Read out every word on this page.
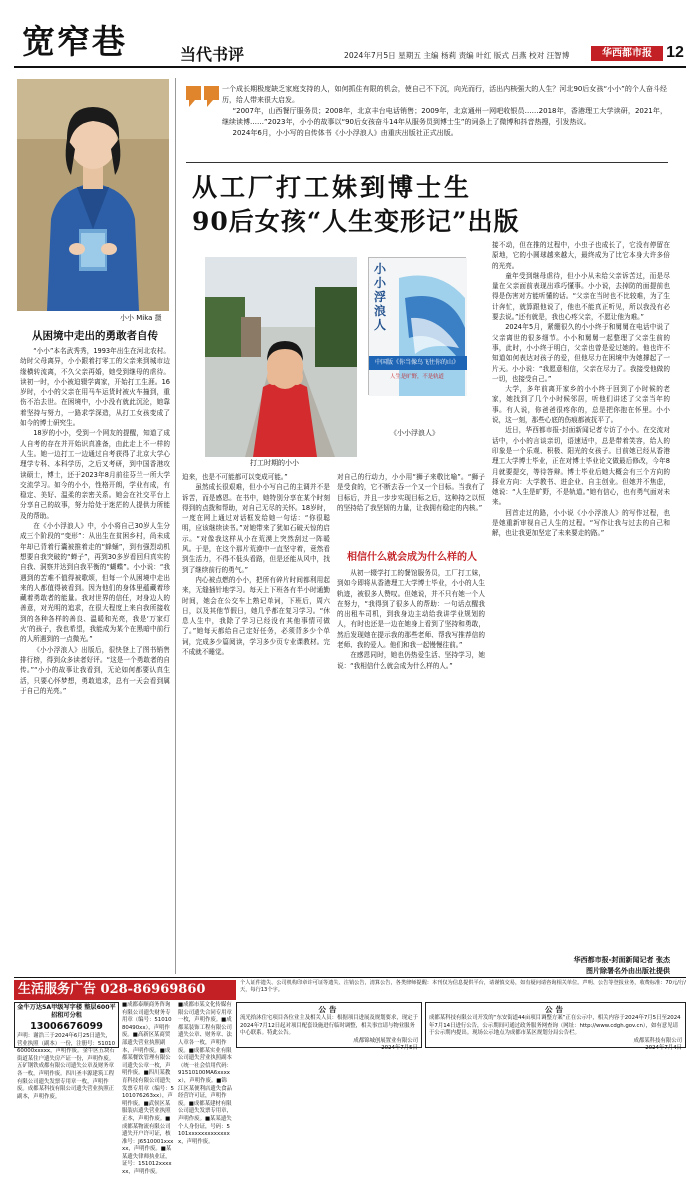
宽窄巷	当代书评	2024年7月5日 星期五 主编 杨莉 责编 叶红 版式 吕燕 校对 汪智博	华西都市报 12
小小 Mika 摄
从困境中走出的勇敢者自传

“小小”本名武秀秀，1993年出生在河北农村。幼时父母离异，小小跟着打零工的父亲来到城市边缘横转流离，不久父亲再婚，她受到继母的虐待。读初一时，小小被迫辍学离家，开始打工生涯。16岁时，小小的父亲在用马车运货时被火车撞到，重伤不治去世。在困境中，小小没有就此沉沦，她靠着坚持与努力，一路求学深造，从打工女孩变成了如今的博士研究生。

18岁的小小，受到一个网友的提醒，知道了成人自考的存在并开始识真准备，由此走上不一样的人生。她一边打工一边通过自考获得了北京大学心理学专科、本科学历，之后又考研，到中国香港攻读硕士，博士，还于2023年8月前往芬兰一所大学交流学习。如今的小小，性格开朗，学业有成，有稳定、美好、温柔的亲密关系。她会在社交平台上分享自己的故事，努力给处于迷茫的人提供力所能及的帮助。

在《小小浮浪人》中，小小将自己30岁人生分成三个阶段的“变形”：从出生在贫困乡村，尚未成年却已背着行囊被推着走的“蜂蛹”，到有强烈动机想要自我突破的“蝉子”，再到30多岁看回归真实的自我、洞察并达到自我平衡的“蝴蝶”。小小说：“我遇到的苦难不值得被歌颂，但每一个从困境中走出来的人都值得被看到。因为他们的身体里蕴藏着珍藏着勇敢者的能量。我对世界的信任，对身边人的善意，对光明的追求，在很大程度上来自我所接收到的各种各样的善良、温暖和光亮，我是‘万家灯火’的孩子，我也希望，我能成为某个在黑暗中前行的人所遇到的一点微光。”

《小小浮浪人》出版后，很快登上了图书销售排行榜，得到众多读者好评。“这是一个勇敢者的自传。”“小小的故事让我看到，无论如何都要认真生活，只要心怀梦想，勇敢追求，总有一天会看到属于自己的光亮。”

一个成长期极度缺乏家庭支持的人，如何抓住有限的机会，使自己不下沉，向光而行，活出内核强大的人生？河北90后女孩“小小”的个人奋斗经历，给人带来很大启发。

“2007年，山西餐厅服务员；2008年，北京丰台电话销售；2009年，北京通州一网吧收银员……2018年，香港理工大学读研，2021年，继续读博……”2023年，小小的故事以“90后女孩奋斗14年从服务员到博士生”的词条上了微博和抖音热搜，引发热议。

2024年6月，小小写的自传体书《小小浮浪人》由重庆出版社正式出版。

从工厂打工妹到博士生
90后女孩“人生变形记”出版
打工时期的小小
小小浮浪人
中国版《你当像鸟飞往你的山》
人生是旷野，不是轨道
《小小浮浪人》

迫来，也是不可能都可以变成可能。”

虽然成长很艰难，但小小写自己的主调并不是诉苦，而是感恩。在书中，她特别分享在某个时刻得到的点拨和帮助，对自己无尽的关怀。18岁时，一度在网上通过对话框发给她一句话：“你很聪明，应该继续读书。”对她带来了犹如石破天惊的启示。“对像我这样从小在荒漠上突然刮过一阵暖风。于是，在这个那片荒漠中一直坚守着，竟然看到生活力，不得不低头看路，但是还能从风中，找到了继续前行的勇气。”

内心被点燃的小小，把所有碎片时间都利用起来，无缝插针地学习。每天上下班各有半小时通勤时间，她会在公交车上熟记单词，下班后，周六日，以及其他节假日，她几乎都在复习学习。“休息人生中，我除了学习已经没有其他事情可做了。”她每天都给自己定好任务，必须背多少个单词，完成多少篇阅读，学习多少页专业课教材。完不成就不睡觉。

对自己的行动力，小小用“狮子来敬比喻”。“狮子是受食的，它不断去吞一个又一个目标。当我有了目标后，并且一步步实现目标之后，这种持之以恒的坚持给了我坚韧的力量，让我拥有稳定的内核。”

相信什么就会成为什么样的人

从初一辍学打工的餐馆服务员，工厂打工妹，到如今即将从香港理工大学博士毕业，小小的人生轨迹，被很多人赞叹。但她说，并不只有她一个人在努力，“我得到了很多人的帮助：一句话点醒我的出租车司机，到我身边主动给我讲学业规划的人，有时也还是一边在她身上看到了坚持和勇敢，然后发现她在提示我的那些老师、帮我写推荐信的老师、我的爱人。他们和我一起慢慢往前。”

在感恩同时，她也仍热爱生活、坚持学习，她说：“我相信什么就会成为什么样的人。”

接不动，但在推的过程中，小虫子也成长了，它没有停留在原地，它的小圆球越来越大，最终成为了比它本身大许多倍的光亮。

童年受到继母虐待，但小小从未给父亲诉苦过，而是尽量在父亲面前表现出乖巧懂事。小小说，去掉防的面提前也得是伤害对方能听懂的话。“父亲在当时也不比较难，为了生计奔忙，就算跟他说了，他也不能真正听见，所以我没有必要去说。”还有就是，我也心疼父亲，不愿让他为难。”

2024年5月，紧绷很久的小小终于和舅舅在电话中说了父亲离世的很多细节。小小和舅舅一起整理了父亲生前的事，此时，小小终于明白，父亲也曾是爱过她的。他也许不知道如何表达对孩子的爱，但他尽力在困境中为她撑起了一片天。小小说：“我愿意相信，父亲在尽力了。我接受他做的一切，也接受自己。”

大学，多年前离开家乡的小小终于回到了小时候的老家，她找到了几个小时候邻居，听他们讲述了父亲当年的事。有人说，你爸爸很疼你的，总是把你抱在怀里。小小说，这一刻，那些心底的伤痕都被抚平了。

近日，华西都市报-封面新闻记者专访了小小。在交流对话中，小小的言谈亲切，语速适中，总是带着笑容，给人的印象是一个乐观、积极、阳光的女孩子。目前她已经从香港理工大学博士毕业，正在对博士毕业论文做最后修改，今年8月就要提交，等待答辩。博士毕业后她大概会有三个方向的择业方向：大学教书、进企业、自主创业。但她并不焦虑，她说：“人生是旷野，不是轨道。”她有信心，也有勇气面对未来。

回首走过的路，小小说《小小浮浪人》的写作过程，也是她重新审视自己人生的过程。“写作让我与过去的自己和解，也让我更加坚定了未来要走的路。”

华西都市报-封面新闻记者 张杰
图片除署名外由出版社提供
生活服务广告 028-86969860	个人证件遗失、公司机构印章许可证等遗失、注销公告，清算公告，各类律师提醒：本刊仅为信息提供平台，请谨慎交易，如有疑问请咨询相关单位。声明、公告等登报业务，收费标准：70元/行/天，每行13个字。
金牛万达5A甲级写字楼 整层600平招租可分租
13006676099
声明：谢浩三于2024年6月25日遗失，营业执照（副本）一份，注册号：5101060000xxxxx，声明作废。金牛区五块石街道某住户遗失房产证一份，声明作废。五矿钢铁成都有限公司遗失公章及财务章各一枚，声明作废。四川圣丰源建筑工程有限公司遗失发票专用章一枚，声明作废。成都某科技有限公司遗失营业执照正副本，声明作废。
■成都泰顺商务咨询有限公司遗失财务专用章（编号：5101080490xx），声明作废。■高新区某商贸部遗失营业执照副本，声明作废。■成都某餐饮管理有限公司遗失公章一枚，声明作废。■四川某教育科技有限公司遗失发票专用章（编号：5101076263xx），声明作废。■武侯区某服装店遗失营业执照正本，声明作废。■成都某物流有限公司遗失开户许可证，核准号：J6510001xxxxx，声明作废。■某某遗失律师执业证，证号：151012xxxxxx，声明作废。
■成都市某文化传媒有限公司遗失合同专用章一枚，声明作废。■成都某装饰工程有限公司遗失公章、财务章、法人章各一枚，声明作废。■成都某实业有限公司遗失营业执照副本（统一社会信用代码：91510100MA6xxxxx），声明作废。■锦江区某便利店遗失食品经营许可证，声明作废。■成都某建材有限公司遗失发票专用章，声明作废。■某某遗失个人身份证，号码：5101xxxxxxxxxxxxxx，声明作废。
公告
流光拾沐住宅项目各位业主及相关人员：根据项目进展及规划要求，现定于2024年7月12日起对项目配套设施进行临时调整，相关事宜请与物业服务中心联系。特此公告。
成都锦城创展置业有限公司
2024年7月5日
公告
成都某科技有限公司开发的“东安街道44亩项目调整方案”正在公示中，相关内容于2024年7月5日至2024年7月14日进行公告，公示期间可通过政务服务网查询（网址：http://www.cdgh.gov.cn），如有意见请于公示期内提出。现场公示地点为成都市某区规划分局公告栏。
成都某科技有限公司
2024年7月4日
